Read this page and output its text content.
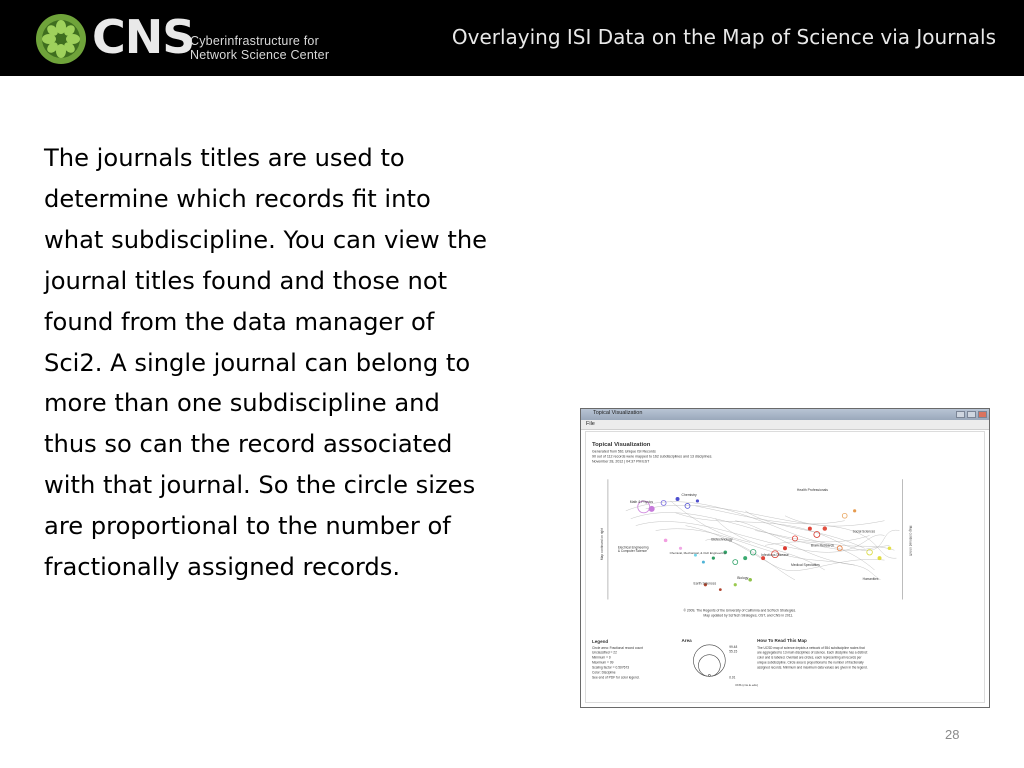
CNS
Cyberinfrastructure for
Network Science Center
Overlaying ISI Data on the Map of Science via Journals
The journals titles are used to
determine which records fit into
what subdiscipline. You can view the
journal titles found and those not
found from the data manager of
Sci2. A single journal can belong to
more than one subdiscipline and
thus so can the record associated
with that journal. So the circle sizes
are proportional to the number of
fractionally assigned records.
Topical Visualization
File
Topical Visualization
Generated from 561 Unique ISI Records
90 out of 112 records were mapped to 162 subdisciplines and 13 disciplines.
November 28, 2012 | 04:37 PM EST
Map continued on right	Map continued on left
Chemistry
Math & Physics
Health Professionals
Electrical Engineering
& Computer Science	Chemical, Mechanical, & Civil Engineering
Biotechnology
Brain Research
Social Sciences
Infectious Disease
Medical Specialties
Biology
Earth Sciences
Humanities
© 2009, The Regents of the University of California and SciTech Strategies.
Map updated by SciTech Strategies, OST, and CNS in 2011.
Legend
Circle area: Fractional record count
Unclassified = 22
Minimum = 0
Maximum = 99
Scaling factor = 0.507673
Color: Discipline
See end of PDF for color legend.
Area
99.48
55.15
0.01
How To Read This Map
The UCSD map of science depicts a network of 554 subdiscipline nodes that
are aggregated to 13 main disciplines of science. Each discipline has a distinct
color and is labeled. Overlaid are circles, each representing all records per
unique subdiscipline. Circle area is proportional to the number of fractionally
assigned records. Minimum and maximum data values are given in the legend.
CNS (cns.iu.edu)
28
